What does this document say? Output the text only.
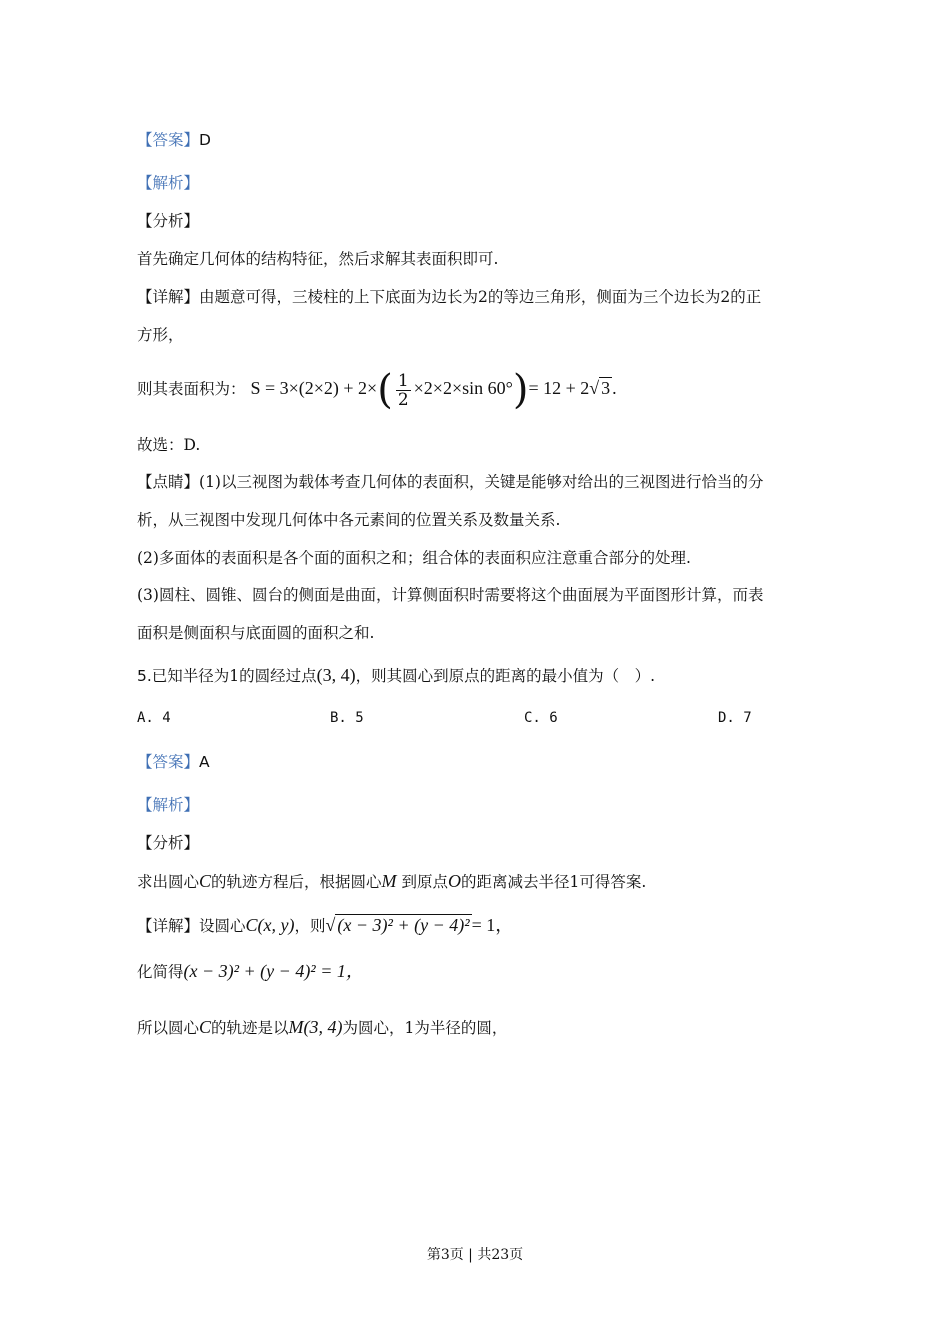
【答案】D
【解析】
【分析】
首先确定几何体的结构特征，然后求解其表面积即可.
【详解】由题意可得，三棱柱的上下底面为边长为2的等边三角形，侧面为三个边长为2的正
方形，
则其表面积为： $S = 3\times(2\times 2) + 2\times( \frac{1}{2} \times 2\times 2\times\sin$ 60°)= 12 + 2√ 3 .
故选：D.
【点睛】(1)以三视图为载体考查几何体的表面积，关键是能够对给出的三视图进行恰当的分
析，从三视图中发现几何体中各元素间的位置关系及数量关系.
(2)多面体的表面积是各个面的面积之和；组合体的表面积应注意重合部分的处理.
(3)圆柱、圆锥、圆台的侧面是曲面，计算侧面积时需要将这个曲面展为平面图形计算，而表
面积是侧面积与底面圆的面积之和.
5.已知半径为1的圆经过点(3, 4)，则其圆心到原点的距离的最小值为（　）.
A. 4	B. 5	C. 6	D. 7
【答案】A
【解析】
【分析】
求出圆心C的轨迹方程后，根据圆心M 到原点O的距离减去半径1可得答案.
【详解】设圆心C(x, y)，则√ (x − 3)² + (y − 4)² = 1，
化简得(x − 3)² + (y − 4)² = 1，
所以圆心C的轨迹是以M(3, 4)为圆心，1为半径的圆，
第3页 | 共23页
